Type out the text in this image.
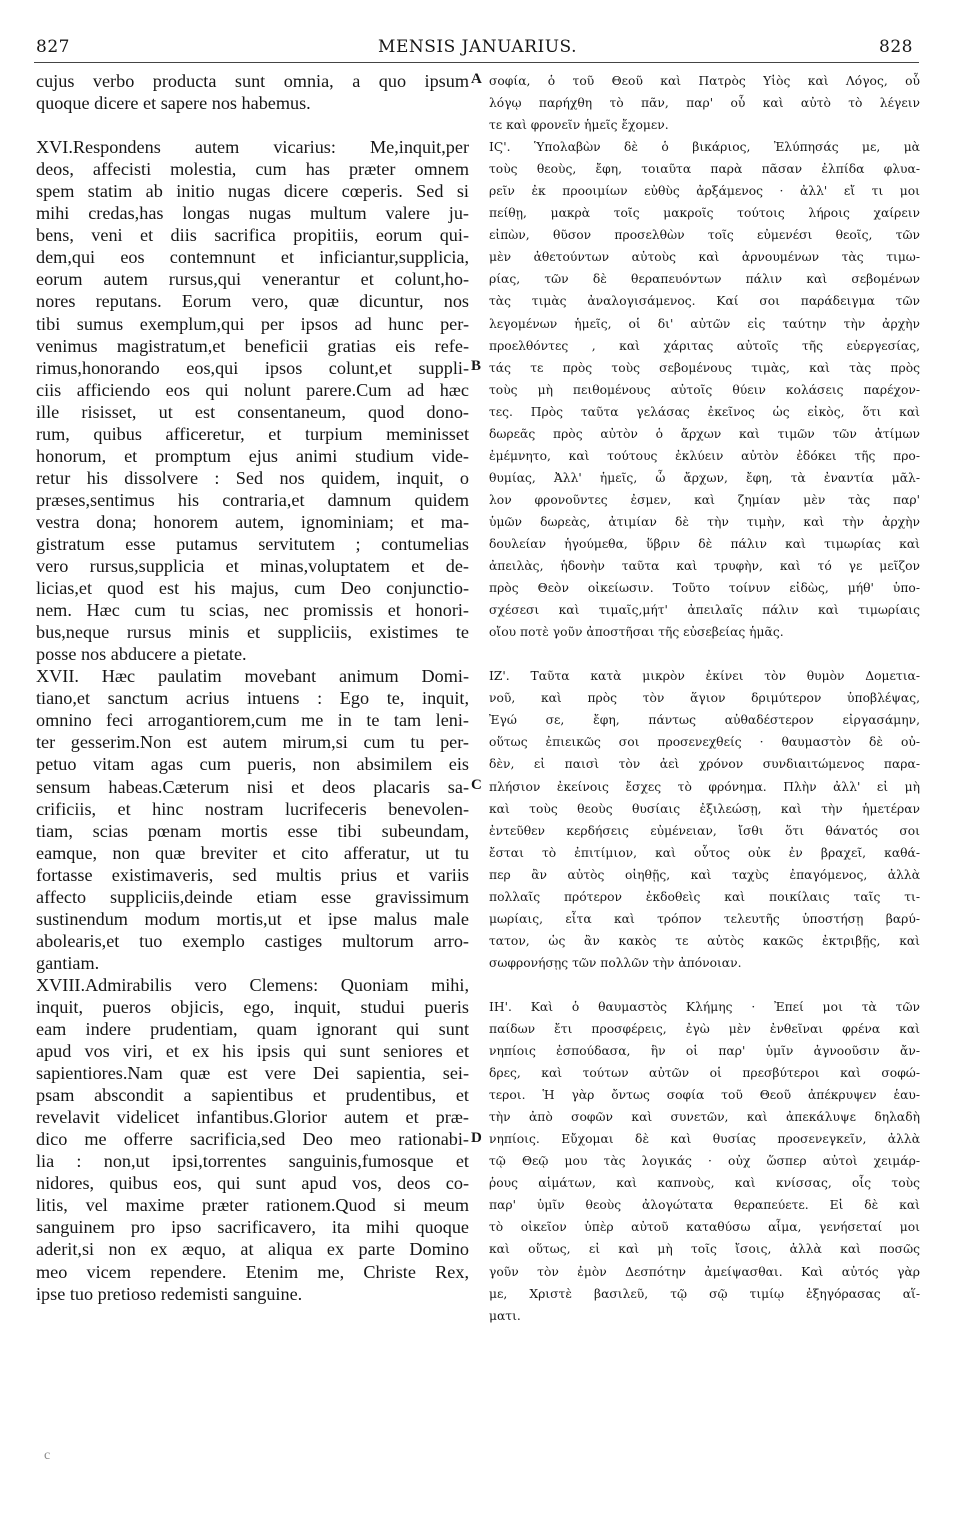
827	MENSIS JANUARIUS.	828
cujus verbo producta sunt omnia, a quo ipsum
quoque dicere et sapere nos habemus.
XVI.Respondens autem vicarius: Me,inquit,per
deos, affecisti molestia, cum has præter omnem
spem statim ab initio nugas dicere cœperis. Sed si
mihi credas,has longas nugas multum valere ju-
bens, veni et diis sacrifica propitiis, eorum qui-
dem,qui eos contemnunt et inficiantur,supplicia,
eorum autem rursus,qui venerantur et colunt,ho-
nores reputans. Eorum vero, quæ dicuntur, nos
tibi sumus exemplum,qui per ipsos ad hunc per-
venimus magistratum,et beneficii gratias eis refe-
rimus,honorando eos,qui ipsos colunt,et suppli-
ciis afficiendo eos qui nolunt parere.Cum ad hæc
ille risisset, ut est consentaneum, quod dono-
rum, quibus afficeretur, et turpium meminisset
honorum, et promptum ejus animi studium vide-
retur his dissolvere : Sed nos quidem, inquit, o
præses,sentimus his contraria,et damnum quidem
vestra dona; honorem autem, ignominiam; et ma-
gistratum esse putamus servitutem ; contumelias
vero rursus,supplicia et minas,voluptatem et de-
licias,et quod est his majus, cum Deo conjunctio-
nem. Hæc cum tu scias, nec promissis et honori-
bus,neque rursus minis et suppliciis, existimes te
posse nos abducere a pietate.
XVII. Hæc paulatim movebant animum Domi-
tiano,et sanctum acrius intuens : Ego te, inquit,
omnino feci arrogantiorem,cum me in te tam leni-
ter gesserim.Non est autem mirum,si cum tu per-
petuo vitam agas cum pueris, non absimilem eis
sensum habeas.Cæterum nisi et deos placaris sa-
crificiis, et hinc nostram lucrifeceris benevolen-
tiam, scias pœnam mortis esse tibi subeundam,
eamque, non quæ breviter et cito afferatur, ut tu
fortasse existimaveris, sed multis prius et variis
affecto suppliciis,deinde etiam esse gravissimum
sustinendum modum mortis,ut et ipse malus male
abolearis,et tuo exemplo castiges multorum arro-
gantiam.
XVIII.Admirabilis vero Clemens: Quoniam mihi,
inquit, pueros objicis, ego, inquit, studui pueris
eam indere prudentiam, quam ignorant qui sunt
apud vos viri, et ex his ipsis qui sunt seniores et
sapientiores.Nam quæ est vere Dei sapientia, sei-
psam abscondit a sapientibus et prudentibus, et
revelavit videlicet infantibus.Glorior autem et præ-
dico me offerre sacrificia,sed Deo meo rationabi-
lia : non,ut ipsi,torrentes sanguinis,fumosque et
nidores, quibus eos, qui sunt apud vos, deos co-
litis, vel maxime præter rationem.Quod si meum
sanguinem pro ipso sacrificavero, ita mihi quoque
aderit,si non ex æquo, at aliqua ex parte Domino
meo vicem rependere. Etenim me, Christe Rex,
ipse tuo pretioso redemisti sanguine.
σοφία, ὁ τοῦ Θεοῦ καὶ Πατρὸς Υἱὸς καὶ Λόγος, οὗ
λόγῳ παρήχθη τὸ πᾶν, παρ' οὗ καὶ αὐτὸ τὸ λέγειν
τε καὶ φρονεῖν ἡμεῖς ἔχομεν.
ΙϚ'. Ὑπολαβὼν δὲ ὁ βικάριος, Ἐλύπησάς με, μὰ
τοὺς θεοὺς, ἔφη, τοιαῦτα παρὰ πᾶσαν ἐλπίδα φλυα-
ρεῖν ἐκ προοιμίων εὐθὺς ἀρξάμενος · ἀλλ' εἴ τι μοι
πείθῃ, μακρὰ τοῖς μακροῖς τούτοις λήροις χαίρειν
εἰπὼν, θῦσον προσελθὼν τοῖς εὐμενέσι θεοῖς, τῶν
μὲν ἀθετούντων αὐτοὺς καὶ ἀρνουμένων τὰς τιμω-
ρίας, τῶν δὲ θεραπευόντων πάλιν καὶ σεβομένων
τὰς τιμὰς ἀναλογισάμενος. Καί σοι παράδειγμα τῶν
λεγομένων ἡμεῖς, οἱ δι' αὐτῶν εἰς ταύτην τὴν ἀρχὴν
προελθόντες , καὶ χάριτας αὐτοῖς τῆς εὐεργεσίας,
τάς τε πρὸς τοὺς σεβομένους τιμὰς, καὶ τὰς πρὸς
τοὺς μὴ πειθομένους αὐτοῖς θύειν κολάσεις παρέχον-
τες. Πρὸς ταῦτα γελάσας ἐκεῖνος ὡς εἰκὸς, ὅτι καὶ
δωρεᾶς πρὸς αὐτὸν ὁ ἄρχων καὶ τιμῶν τῶν ἀτίμων
ἐμέμνητο, καὶ τούτους ἐκλύειν αὐτὸν ἐδόκει τῆς προ-
θυμίας, Ἀλλ' ἡμεῖς, ὦ ἄρχων, ἔφη, τὰ ἐναντία μᾶλ-
λον φρονοῦντες ἐσμεν, καὶ ζημίαν μὲν τὰς παρ'
ὑμῶν δωρεὰς, ἀτιμίαν δὲ τὴν τιμὴν, καὶ τὴν ἀρχὴν
δουλείαν ἡγούμεθα, ὕβριν δὲ πάλιν καὶ τιμωρίας καὶ
ἀπειλὰς, ἡδονὴν ταῦτα καὶ τρυφὴν, καὶ τό γε μεῖζον
πρὸς Θεὸν οἰκείωσιν. Τοῦτο τοίνυν εἰδὼς, μήθ' ὑπο-
σχέσεσι καὶ τιμαῖς,μήτ' ἀπειλαῖς πάλιν καὶ τιμωρίαις
οἴου ποτὲ γοῦν ἀποστῆσαι τῆς εὐσεβείας ἡμᾶς.
ΙΖ'. Ταῦτα κατὰ μικρὸν ἐκίνει τὸν θυμὸν Δομετια-
νοῦ, καὶ πρὸς τὸν ἅγιον δριμύτερον ὑποβλέψας,
Ἐγώ σε, ἔφη, πάντως αὐθαδέστερον εἰργασάμην,
οὕτως ἐπιεικῶς σοι προσενεχθείς · θαυμαστὸν δὲ οὐ-
δὲν, εἰ παισὶ τὸν ἀεὶ χρόνον συνδιαιτώμενος παρα-
πλήσιον ἐκείνοις ἔσχες τὸ φρόνημα. Πλὴν ἀλλ' εἰ μὴ
καὶ τοὺς θεοὺς θυσίαις ἐξιλεώσῃ, καὶ τὴν ἡμετέραν
ἐντεῦθεν κερδήσεις εὐμένειαν, ἴσθι ὅτι θάνατός σοι
ἔσται τὸ ἐπιτίμιον, καὶ οὗτος οὐκ ἐν βραχεῖ, καθά-
περ ἂν αὐτὸς οἰηθῇς, καὶ ταχὺς ἐπαγόμενος, ἀλλὰ
πολλαῖς πρότερον ἐκδοθεὶς καὶ ποικίλαις ταῖς τι-
μωρίαις, εἶτα καὶ τρόπον τελευτῆς ὑποστήσῃ βαρύ-
τατον, ὡς ἂν κακὸς τε αὐτὸς κακῶς ἐκτριβῇς, καὶ
σωφρονήσῃς τῶν πολλῶν τὴν ἀπόνοιαν.
ΙΗ'. Καὶ ὁ θαυμαστὸς Κλήμης · Ἐπεί μοι τὰ τῶν
παίδων ἔτι προσφέρεις, ἐγὼ μὲν ἐνθεῖναι φρένα καὶ
νηπίοις ἐσπούδασα, ἣν οἱ παρ' ὑμῖν ἀγνοοῦσιν ἄν-
δρες, καὶ τούτων αὐτῶν οἱ πρεσβύτεροι καὶ σοφώ-
τεροι. Ἡ γὰρ ὄντως σοφία τοῦ Θεοῦ ἀπέκρυψεν ἑαυ-
τὴν ἀπὸ σοφῶν καὶ συνετῶν, καὶ ἀπεκάλυψε δηλαδὴ
νηπίοις. Εὔχομαι δὲ καὶ θυσίας προσενεγκεῖν, ἀλλὰ
τῷ Θεῷ μου τὰς λογικάς · οὐχ ὥσπερ αὐτοὶ χειμάρ-
ῥους αἱμάτων, καὶ καπνοὺς, καὶ κνίσσας, οἷς τοὺς
παρ' ὑμῖν θεοὺς ἀλογώτατα θεραπεύετε. Εἰ δὲ καὶ
τὸ οἰκεῖον ὑπὲρ αὐτοῦ καταθύσω αἷμα, γενήσεταί μοι
καὶ οὕτως, εἰ καὶ μὴ τοῖς ἴσοις, ἀλλὰ καὶ ποσῶς
γοῦν τὸν ἐμὸν Δεσπότην ἀμείψασθαι. Καὶ αὐτός γὰρ
με, Χριστὲ βασιλεῦ, τῷ σῷ τιμίῳ ἐξηγόρασας αἵ-
ματι.
A
B
C
D
c
